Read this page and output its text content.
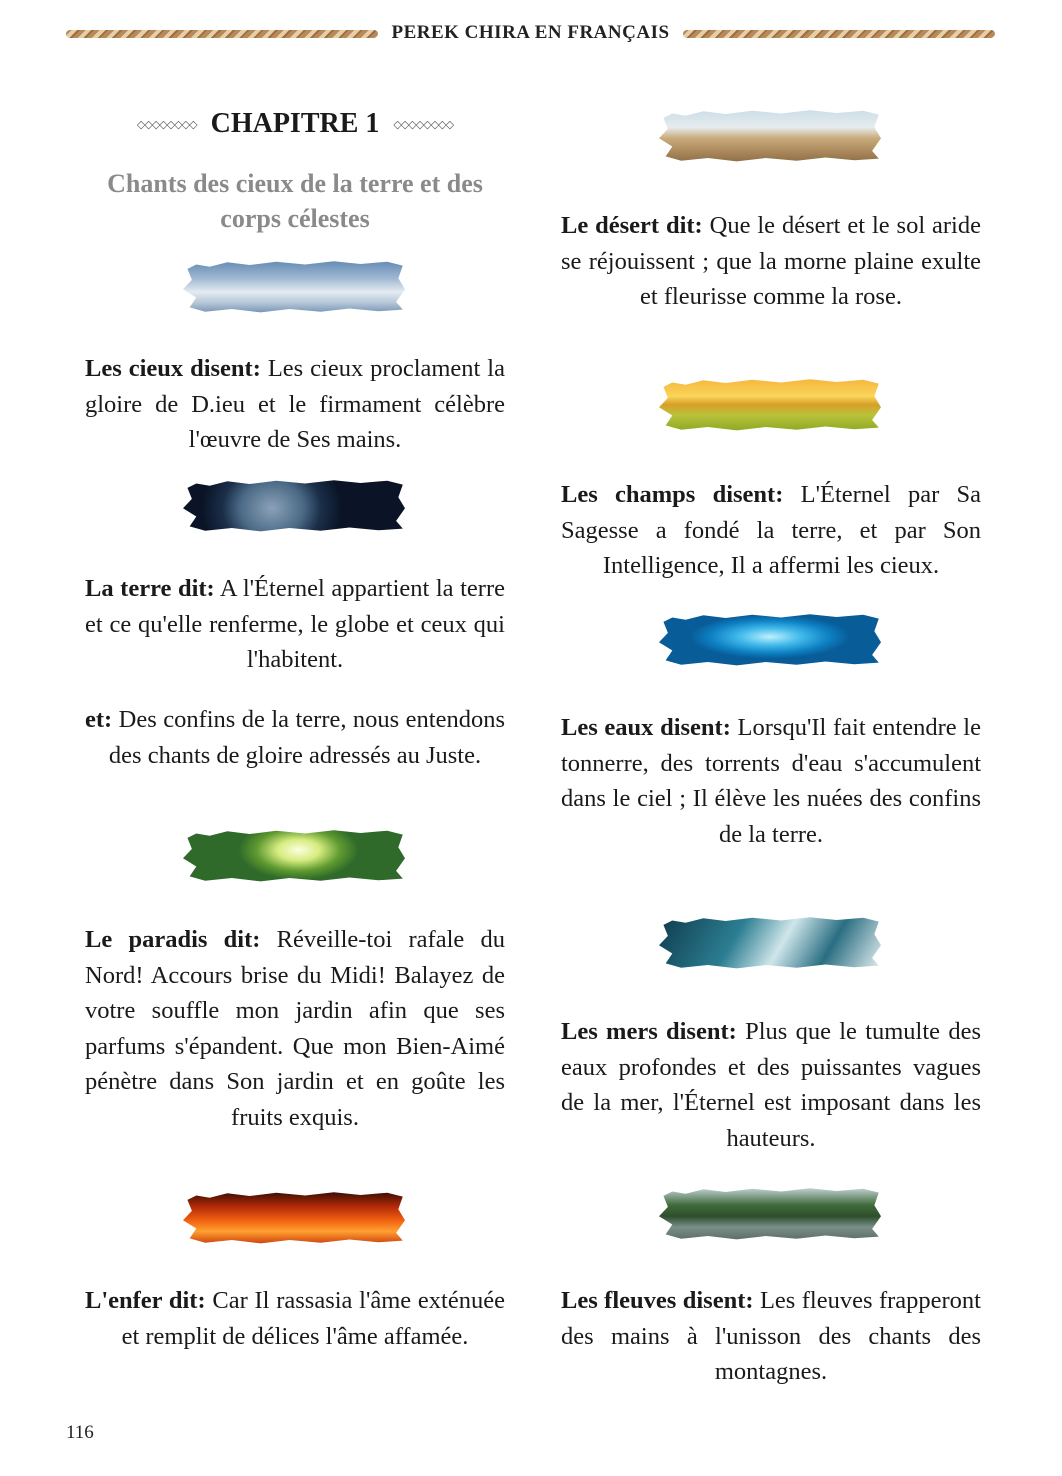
PEREK CHIRA EN FRANÇAIS
◇◇◇◇◇◇◇◇ CHAPITRE 1 ◇◇◇◇◇◇◇◇
Chants des cieux de la terre et des corps célestes
Les cieux disent: Les cieux proclament la gloire de D.ieu et le firmament célèbre l'œuvre de Ses mains.
La terre dit: A l'Éternel appartient la terre et ce qu'elle renferme, le globe et ceux qui l'habitent.
et: Des confins de la terre, nous entendons des chants de gloire adressés au Juste.
Le paradis dit: Réveille-toi rafale du Nord! Accours brise du Midi! Balayez de votre souffle mon jardin afin que ses parfums s'épandent. Que mon Bien-Aimé pénètre dans Son jardin et en goûte les fruits exquis.
L'enfer dit: Car Il rassasia l'âme exténuée et remplit de délices l'âme affamée.
Le désert dit: Que le désert et le sol aride se réjouissent ; que la morne plaine exulte et fleurisse comme la rose.
Les champs disent: L'Éternel par Sa Sagesse a fondé la terre, et par Son Intelligence, Il a affermi les cieux.
Les eaux disent: Lorsqu'Il fait entendre le tonnerre, des torrents d'eau s'accumulent dans le ciel ; Il élève les nuées des confins de la terre.
Les mers disent: Plus que le tumulte des eaux profondes et des puissantes vagues de la mer, l'Éternel est imposant dans les hauteurs.
Les fleuves disent: Les fleuves frapperont des mains à l'unisson des chants des montagnes.
116
